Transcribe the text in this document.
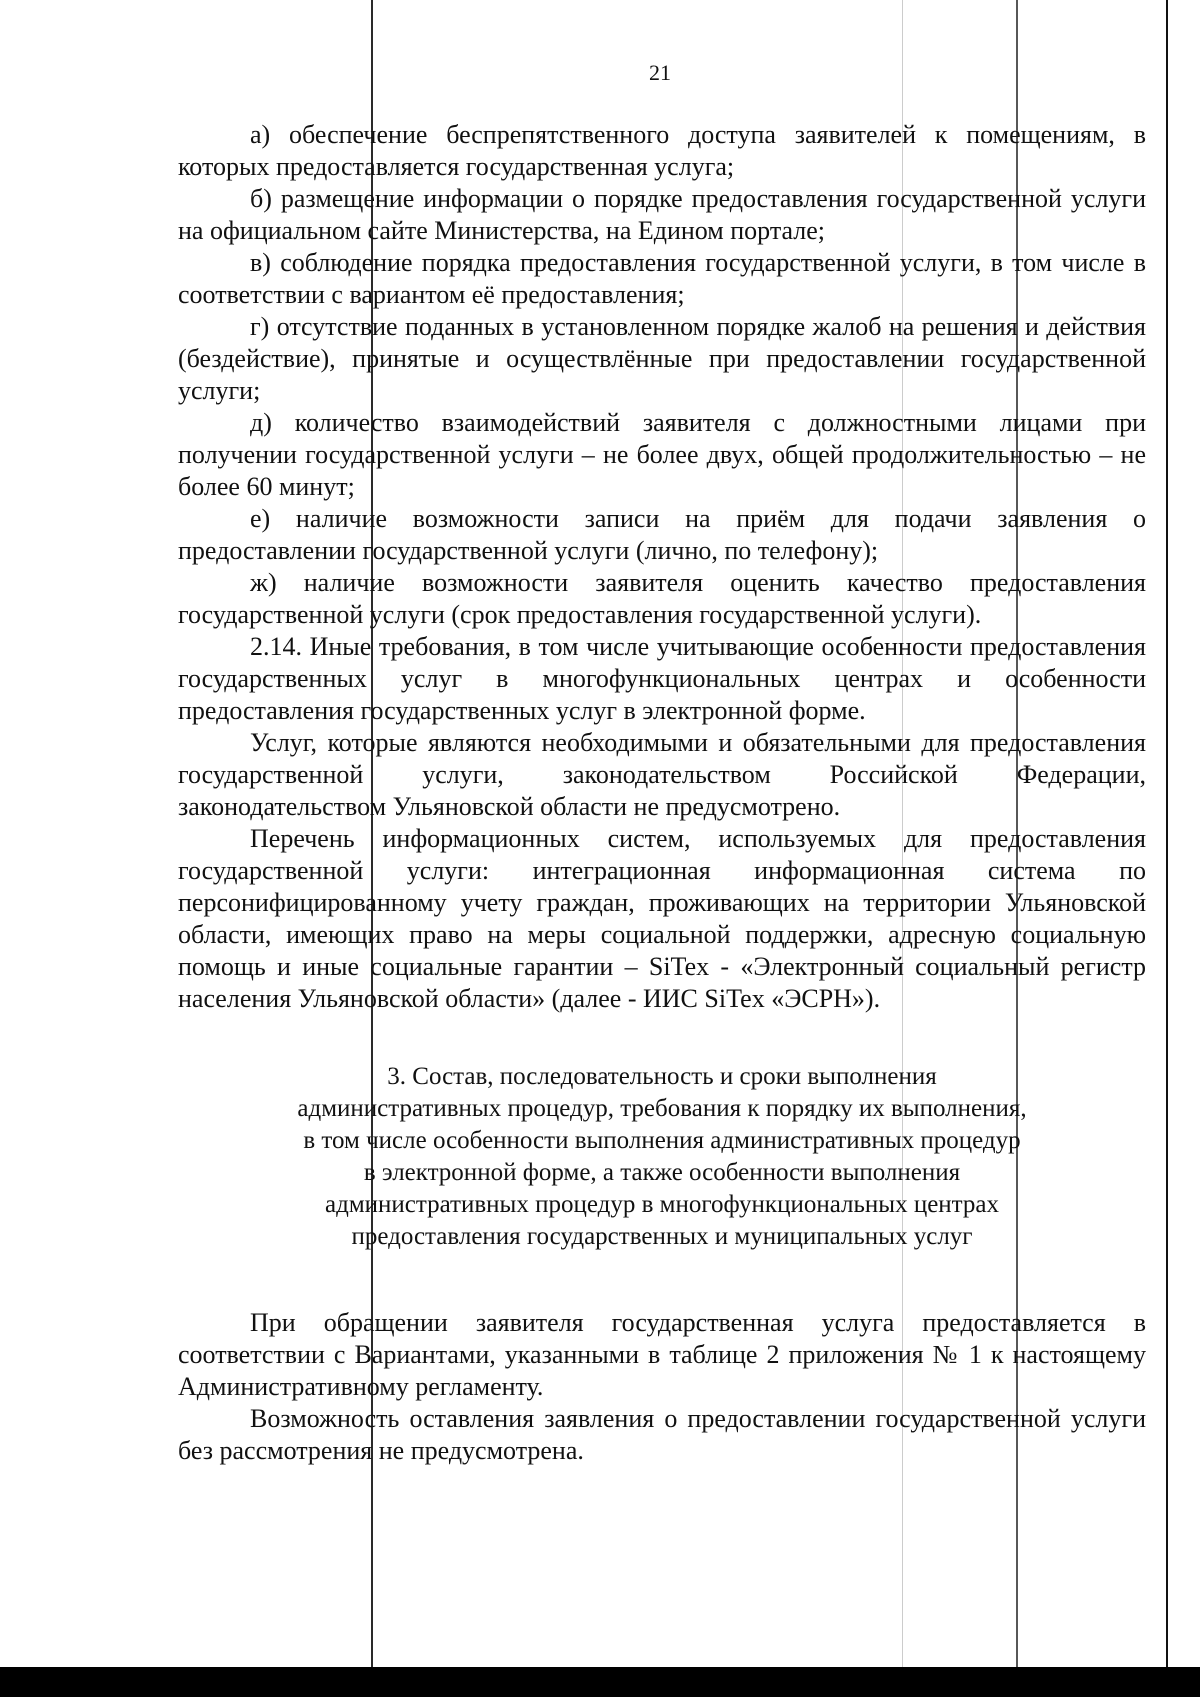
21

а) обеспечение беспрепятственного доступа заявителей к помещениям, в которых предоставляется государственная услуга;

б) размещение информации о порядке предоставления государственной услуги на официальном сайте Министерства, на Едином портале;

в) соблюдение порядка предоставления государственной услуги, в том числе в соответствии с вариантом её предоставления;

г) отсутствие поданных в установленном порядке жалоб на решения и действия (бездействие), принятые и осуществлённые при предоставлении государственной услуги;

д) количество взаимодействий заявителя с должностными лицами при получении государственной услуги – не более двух, общей продолжительностью – не более 60 минут;

е) наличие возможности записи на приём для подачи заявления о предоставлении государственной услуги (лично, по телефону);

ж) наличие возможности заявителя оценить качество предоставления государственной услуги (срок предоставления государственной услуги).

2.14. Иные требования, в том числе учитывающие особенности предоставления государственных услуг в многофункциональных центрах и особенности предоставления государственных услуг в электронной форме.

Услуг, которые являются необходимыми и обязательными для предоставления государственной услуги, законодательством Российской Федерации, законодательством Ульяновской области не предусмотрено.

Перечень информационных систем, используемых для предоставления государственной услуги: интеграционная информационная система по персонифицированному учету граждан, проживающих на территории Ульяновской области, имеющих право на меры социальной поддержки, адресную социальную помощь и иные социальные гарантии – SiTex - «Электронный социальный регистр населения Ульяновской области» (далее - ИИС SiTex «ЭСРН»).

3. Состав, последовательность и сроки выполнения административных процедур, требования к порядку их выполнения, в том числе особенности выполнения административных процедур в электронной форме, а также особенности выполнения административных процедур в многофункциональных центрах предоставления государственных и муниципальных услуг

При обращении заявителя государственная услуга предоставляется в соответствии с Вариантами, указанными в таблице 2 приложения № 1 к настоящему Административному регламенту.

Возможность оставления заявления о предоставлении государственной услуги без рассмотрения не предусмотрена.
